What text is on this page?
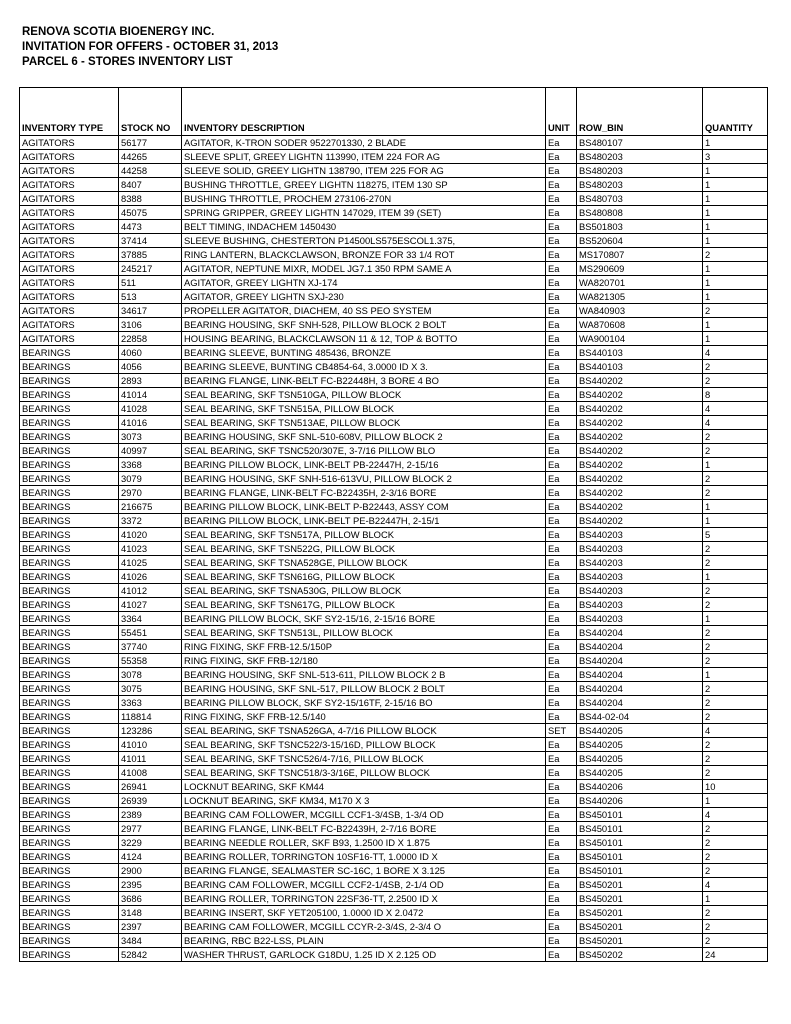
RENOVA SCOTIA BIOENERGY INC.
INVITATION FOR OFFERS - OCTOBER 31, 2013
PARCEL 6 - STORES INVENTORY LIST
INVENTORY TYPE	STOCK NO	INVENTORY DESCRIPTION	UNIT	ROW_BIN	QUANTITY
AGITATORS	56177	AGITATOR, K-TRON SODER 9522701330, 2 BLADE	Ea	BS480107	1
AGITATORS	44265	SLEEVE SPLIT, GREEY LIGHTN 113990, ITEM 224 FOR AG	Ea	BS480203	3
AGITATORS	44258	SLEEVE SOLID, GREEY LIGHTN 138790, ITEM 225 FOR AG	Ea	BS480203	1
AGITATORS	8407	BUSHING THROTTLE, GREEY LIGHTN 118275, ITEM 130 SP	Ea	BS480203	1
AGITATORS	8388	BUSHING THROTTLE, PROCHEM 273106-270N	Ea	BS480703	1
AGITATORS	45075	SPRING GRIPPER, GREEY LIGHTN 147029, ITEM 39 (SET)	Ea	BS480808	1
AGITATORS	4473	BELT TIMING, INDACHEM 1450430	Ea	BS501803	1
AGITATORS	37414	SLEEVE BUSHING, CHESTERTON P14500LS575ESCOL1.375,	Ea	BS520604	1
AGITATORS	37885	RING LANTERN, BLACKCLAWSON, BRONZE FOR 33 1/4 ROT	Ea	MS170807	2
AGITATORS	245217	AGITATOR, NEPTUNE MIXR, MODEL JG7.1 350 RPM SAME A	Ea	MS290609	1
AGITATORS	511	AGITATOR, GREEY LIGHTN XJ-174	Ea	WA820701	1
AGITATORS	513	AGITATOR, GREEY LIGHTN SXJ-230	Ea	WA821305	1
AGITATORS	34617	PROPELLER AGITATOR, DIACHEM, 40 SS PEO SYSTEM	Ea	WA840903	2
AGITATORS	3106	BEARING HOUSING, SKF SNH-528, PILLOW BLOCK 2 BOLT	Ea	WA870608	1
AGITATORS	22858	HOUSING BEARING, BLACKCLAWSON 11 & 12, TOP & BOTTO	Ea	WA900104	1
BEARINGS	4060	BEARING SLEEVE, BUNTING 485436, BRONZE	Ea	BS440103	4
BEARINGS	4056	BEARING SLEEVE, BUNTING CB4854-64, 3.0000 ID X 3.	Ea	BS440103	2
BEARINGS	2893	BEARING FLANGE, LINK-BELT FC-B22448H, 3 BORE 4 BO	Ea	BS440202	2
BEARINGS	41014	SEAL BEARING, SKF TSN510GA, PILLOW BLOCK	Ea	BS440202	8
BEARINGS	41028	SEAL BEARING, SKF TSN515A, PILLOW BLOCK	Ea	BS440202	4
BEARINGS	41016	SEAL BEARING, SKF TSN513AE, PILLOW BLOCK	Ea	BS440202	4
BEARINGS	3073	BEARING HOUSING, SKF SNL-510-608V, PILLOW BLOCK 2	Ea	BS440202	2
BEARINGS	40997	SEAL BEARING, SKF TSNC520/307E, 3-7/16 PILLOW BLO	Ea	BS440202	2
BEARINGS	3368	BEARING PILLOW BLOCK, LINK-BELT PB-22447H, 2-15/16	Ea	BS440202	1
BEARINGS	3079	BEARING HOUSING, SKF SNH-516-613VU, PILLOW BLOCK 2	Ea	BS440202	2
BEARINGS	2970	BEARING FLANGE, LINK-BELT FC-B22435H, 2-3/16 BORE	Ea	BS440202	2
BEARINGS	216675	BEARING PILLOW BLOCK, LINK-BELT P-B22443, ASSY COM	Ea	BS440202	1
BEARINGS	3372	BEARING PILLOW BLOCK, LINK-BELT PE-B22447H, 2-15/1	Ea	BS440202	1
BEARINGS	41020	SEAL BEARING, SKF TSN517A, PILLOW BLOCK	Ea	BS440203	5
BEARINGS	41023	SEAL BEARING, SKF TSN522G, PILLOW BLOCK	Ea	BS440203	2
BEARINGS	41025	SEAL BEARING, SKF TSNA528GE, PILLOW BLOCK	Ea	BS440203	2
BEARINGS	41026	SEAL BEARING, SKF TSN616G, PILLOW BLOCK	Ea	BS440203	1
BEARINGS	41012	SEAL BEARING, SKF TSNA530G, PILLOW BLOCK	Ea	BS440203	2
BEARINGS	41027	SEAL BEARING, SKF TSN617G, PILLOW BLOCK	Ea	BS440203	2
BEARINGS	3364	BEARING PILLOW BLOCK, SKF SY2-15/16, 2-15/16 BORE	Ea	BS440203	1
BEARINGS	55451	SEAL BEARING, SKF TSN513L, PILLOW BLOCK	Ea	BS440204	2
BEARINGS	37740	RING FIXING, SKF FRB-12.5/150P	Ea	BS440204	2
BEARINGS	55358	RING FIXING, SKF FRB-12/180	Ea	BS440204	2
BEARINGS	3078	BEARING HOUSING, SKF SNL-513-611, PILLOW BLOCK 2 B	Ea	BS440204	1
BEARINGS	3075	BEARING HOUSING, SKF SNL-517, PILLOW BLOCK 2 BOLT	Ea	BS440204	2
BEARINGS	3363	BEARING PILLOW BLOCK, SKF SY2-15/16TF, 2-15/16 BO	Ea	BS440204	2
BEARINGS	118814	RING FIXING, SKF FRB-12.5/140	Ea	BS44-02-04	2
BEARINGS	123286	SEAL BEARING, SKF TSNA526GA, 4-7/16 PILLOW BLOCK	SET	BS440205	4
BEARINGS	41010	SEAL BEARING, SKF TSNC522/3-15/16D, PILLOW BLOCK	Ea	BS440205	2
BEARINGS	41011	SEAL BEARING, SKF TSNC526/4-7/16, PILLOW BLOCK	Ea	BS440205	2
BEARINGS	41008	SEAL BEARING, SKF TSNC518/3-3/16E, PILLOW BLOCK	Ea	BS440205	2
BEARINGS	26941	LOCKNUT BEARING, SKF KM44	Ea	BS440206	10
BEARINGS	26939	LOCKNUT BEARING, SKF KM34, M170 X 3	Ea	BS440206	1
BEARINGS	2389	BEARING CAM FOLLOWER, MCGILL CCF1-3/4SB, 1-3/4 OD	Ea	BS450101	4
BEARINGS	2977	BEARING FLANGE, LINK-BELT FC-B22439H, 2-7/16 BORE	Ea	BS450101	2
BEARINGS	3229	BEARING NEEDLE ROLLER, SKF B93, 1.2500 ID X 1.875	Ea	BS450101	2
BEARINGS	4124	BEARING ROLLER, TORRINGTON 10SF16-TT, 1.0000 ID X	Ea	BS450101	2
BEARINGS	2900	BEARING FLANGE, SEALMASTER SC-16C, 1 BORE X 3.125	Ea	BS450101	2
BEARINGS	2395	BEARING CAM FOLLOWER, MCGILL CCF2-1/4SB, 2-1/4 OD	Ea	BS450201	4
BEARINGS	3686	BEARING ROLLER, TORRINGTON 22SF36-TT, 2.2500 ID X	Ea	BS450201	1
BEARINGS	3148	BEARING INSERT, SKF YET205100, 1.0000 ID X 2.0472	Ea	BS450201	2
BEARINGS	2397	BEARING CAM FOLLOWER, MCGILL CCYR-2-3/4S, 2-3/4 O	Ea	BS450201	2
BEARINGS	3484	BEARING, RBC B22-LSS, PLAIN	Ea	BS450201	2
BEARINGS	52842	WASHER THRUST, GARLOCK G18DU, 1.25 ID X 2.125 OD	Ea	BS450202	24
